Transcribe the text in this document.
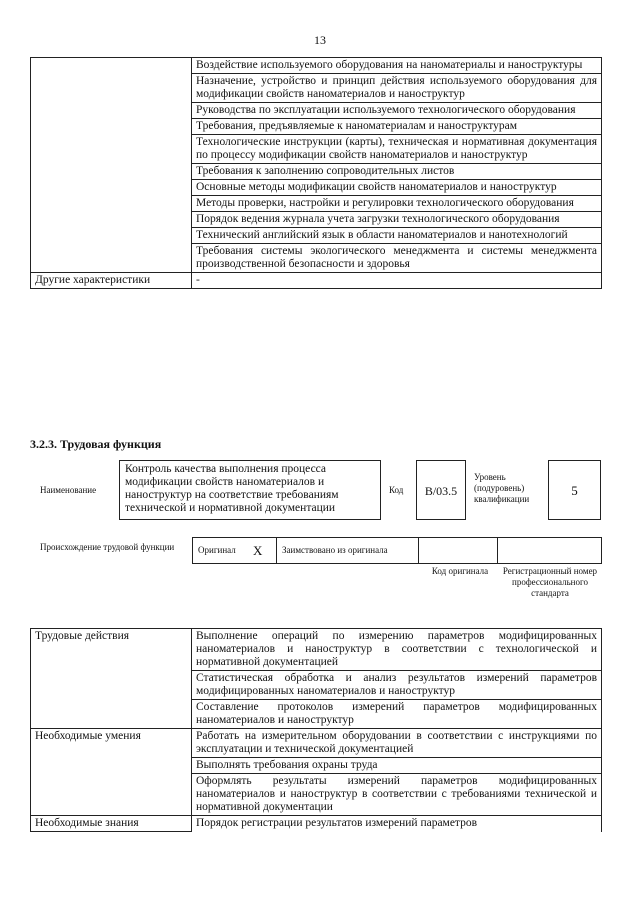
13
	Воздействие используемого оборудования на наноматериалы и наноструктуры
	Назначение, устройство и принцип действия используемого оборудования для модификации свойств наноматериалов и наноструктур
	Руководства по эксплуатации используемого технологического оборудования
	Требования, предъявляемые к наноматериалам и наноструктурам
	Технологические инструкции (карты), техническая и нормативная документация по процессу модификации свойств наноматериалов и наноструктур
	Требования к заполнению сопроводительных листов
	Основные методы модификации свойств наноматериалов и наноструктур
	Методы проверки, настройки и регулировки технологического оборудования
	Порядок ведения журнала учета загрузки технологического оборудования
	Технический английский язык в области наноматериалов и нанотехнологий
	Требования системы экологического менеджмента и системы менеджмента производственной безопасности и здоровья
Другие характеристики	-
3.2.3. Трудовая функция
Наименование
Контроль качества выполнения процесса модификации свойств наноматериалов и наноструктур на соответствие требованиям технической и нормативной документации
Код	В/03.5
Уровень (подуровень) квалификации
5
Происхождение трудовой функции	Оригинал X Заимствовано из оригинала
Код оригинала	Регистрационный номер профессионального стандарта
Трудовые действия	Выполнение операций по измерению параметров модифицированных наноматериалов и наноструктур в соответствии с технологической и нормативной документацией
	Статистическая обработка и анализ результатов измерений параметров модифицированных наноматериалов и наноструктур
	Составление протоколов измерений параметров модифицированных наноматериалов и наноструктур
Необходимые умения	Работать на измерительном оборудовании в соответствии с инструкциями по эксплуатации и технической документацией
	Выполнять требования охраны труда
	Оформлять результаты измерений параметров модифицированных наноматериалов и наноструктур в соответствии с требованиями технической и нормативной документации
Необходимые знания	Порядок регистрации результатов измерений параметров
